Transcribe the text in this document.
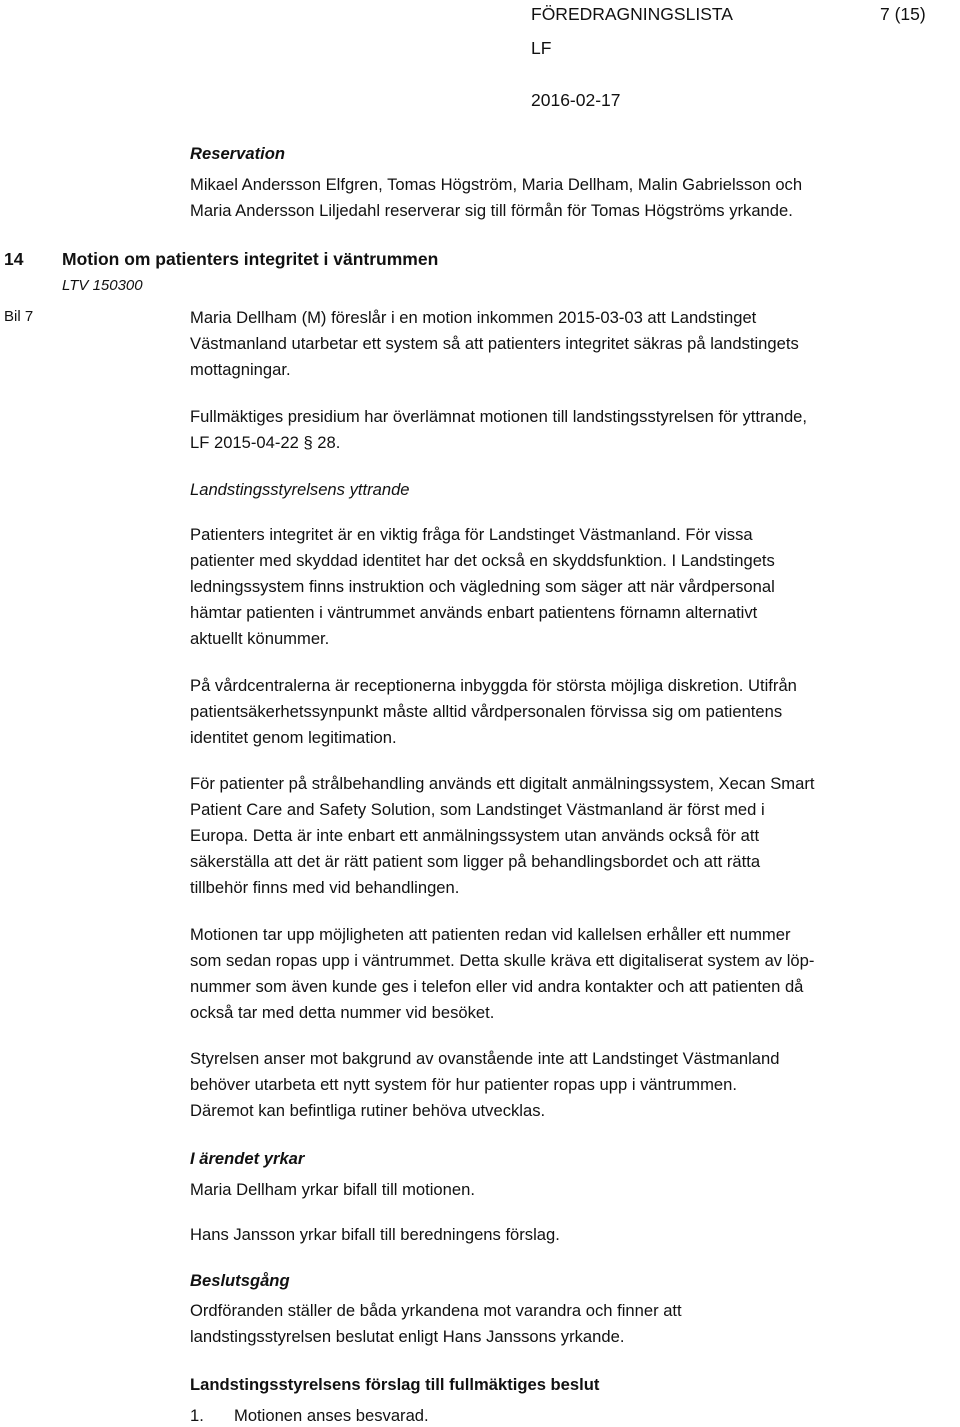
FÖREDRAGNINGSLISTA	7 (15)
LF
2016-02-17
Reservation
Mikael Andersson Elfgren, Tomas Högström, Maria Dellham, Malin Gabrielsson och
Maria Andersson Liljedahl reserverar sig till förmån för Tomas Högströms yrkande.
14 Motion om patienters integritet i väntrummen
LTV 150300
Bil 7	Maria Dellham (M) föreslår i en motion inkommen 2015-03-03 att Landstinget
Västmanland utarbetar ett system så att patienters integritet säkras på landstingets
mottagningar.
Fullmäktiges presidium har överlämnat motionen till landstingsstyrelsen för yttrande,
LF 2015-04-22 § 28.
Landstingsstyrelsens yttrande
Patienters integritet är en viktig fråga för Landstinget Västmanland. För vissa
patienter med skyddad identitet har det också en skyddsfunktion. I Landstingets
ledningssystem finns instruktion och vägledning som säger att när vårdpersonal
hämtar patienten i väntrummet används enbart patientens förnamn alternativt
aktuellt könummer.
På vårdcentralerna är receptionerna inbyggda för största möjliga diskretion. Utifrån
patientsäkerhetssynpunkt måste alltid vårdpersonalen förvissa sig om patientens
identitet genom legitimation.
För patienter på strålbehandling används ett digitalt anmälningssystem, Xecan Smart
Patient Care and Safety Solution, som Landstinget Västmanland är först med i
Europa. Detta är inte enbart ett anmälningssystem utan används också för att
säkerställa att det är rätt patient som ligger på behandlingsbordet och att rätta
tillbehör finns med vid behandlingen.
Motionen tar upp möjligheten att patienten redan vid kallelsen erhåller ett nummer
som sedan ropas upp i väntrummet. Detta skulle kräva ett digitaliserat system av löp-
nummer som även kunde ges i telefon eller vid andra kontakter och att patienten då
också tar med detta nummer vid besöket.
Styrelsen anser mot bakgrund av ovanstående inte att Landstinget Västmanland
behöver utarbeta ett nytt system för hur patienter ropas upp i väntrummen.
Däremot kan befintliga rutiner behöva utvecklas.
I ärendet yrkar
Maria Dellham yrkar bifall till motionen.
Hans Jansson yrkar bifall till beredningens förslag.
Beslutsgång
Ordföranden ställer de båda yrkandena mot varandra och finner att
landstingsstyrelsen beslutat enligt Hans Janssons yrkande.
Landstingsstyrelsens förslag till fullmäktiges beslut
1. Motionen anses besvarad.
